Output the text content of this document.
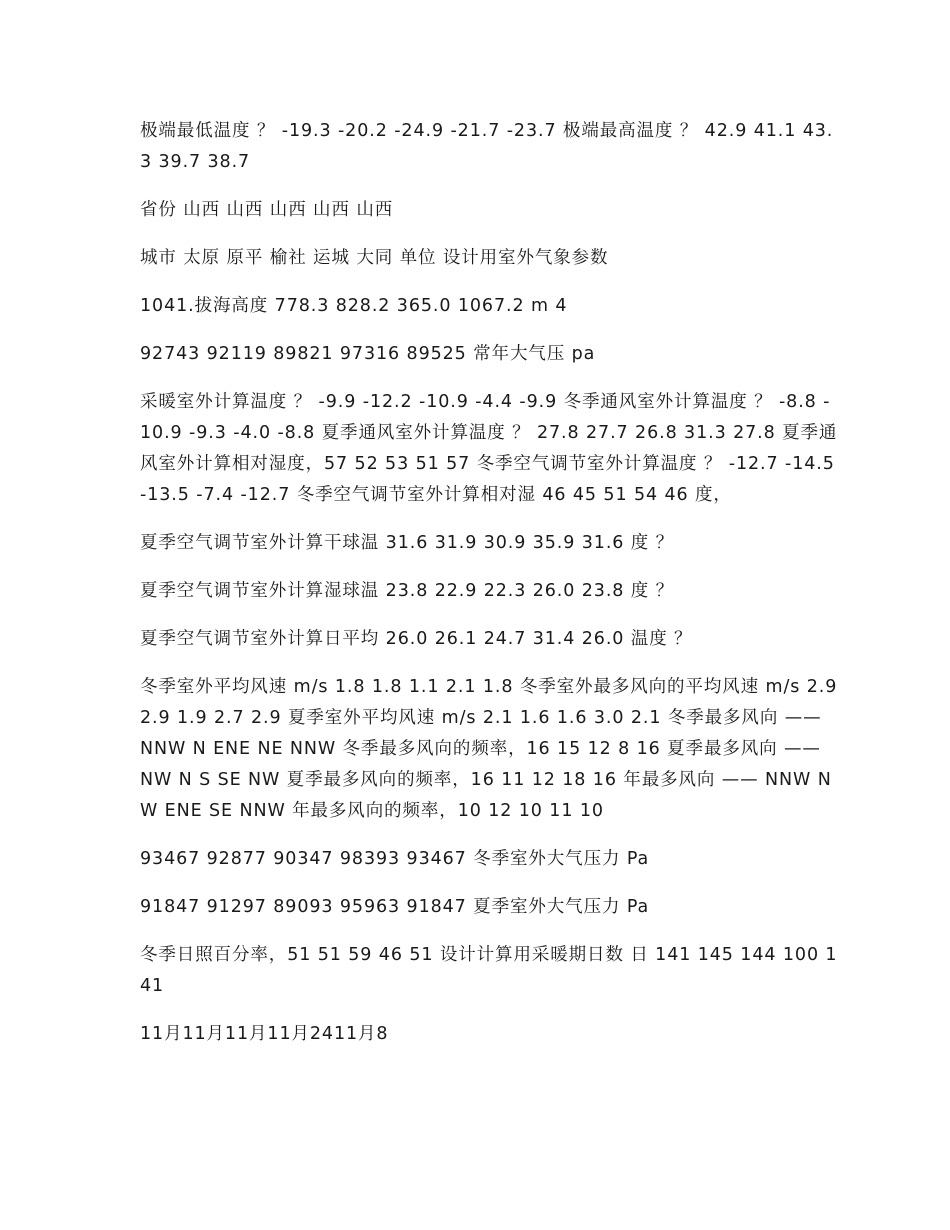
极端最低温度 ？ -19.3 -20.2 -24.9 -21.7 -23.7 极端最高温度 ？ 42.9 41.1 43.3 39.7 38.7

省份 山西 山西 山西 山西 山西

城市 太原 原平 榆社 运城 大同 单位 设计用室外气象参数

1041.拔海高度 778.3 828.2 365.0 1067.2 m 4

92743 92119 89821 97316 89525 常年大气压 pa

采暖室外计算温度 ？ -9.9 -12.2 -10.9 -4.4 -9.9 冬季通风室外计算温度 ？ -8.8 -10.9 -9.3 -4.0 -8.8 夏季通风室外计算温度 ？ 27.8 27.7 26.8 31.3 27.8 夏季通风室外计算相对湿度，57 52 53 51 57 冬季空气调节室外计算温度 ？ -12.7 -14.5 -13.5 -7.4 -12.7 冬季空气调节室外计算相对湿 46 45 51 54 46 度，

夏季空气调节室外计算干球温 31.6 31.9 30.9 35.9 31.6 度 ？

夏季空气调节室外计算湿球温 23.8 22.9 22.3 26.0 23.8 度 ？

夏季空气调节室外计算日平均 26.0 26.1 24.7 31.4 26.0 温度 ？

冬季室外平均风速 m/s 1.8 1.8 1.1 2.1 1.8 冬季室外最多风向的平均风速 m/s 2.9 2.9 1.9 2.7 2.9 夏季室外平均风速 m/s 2.1 1.6 1.6 3.0 2.1 冬季最多风向 —— NNW N ENE NE NNW 冬季最多风向的频率，16 15 12 8 16 夏季最多风向 —— NW N S SE NW 夏季最多风向的频率，16 11 12 18 16 年最多风向 —— NNW NW ENE SE NNW 年最多风向的频率，10 12 10 11 10

93467 92877 90347 98393 93467 冬季室外大气压力 Pa

91847 91297 89093 95963 91847 夏季室外大气压力 Pa

冬季日照百分率，51 51 59 46 51 设计计算用采暖期日数 日 141 145 144 100 141

11月11月11月11月2411月8
